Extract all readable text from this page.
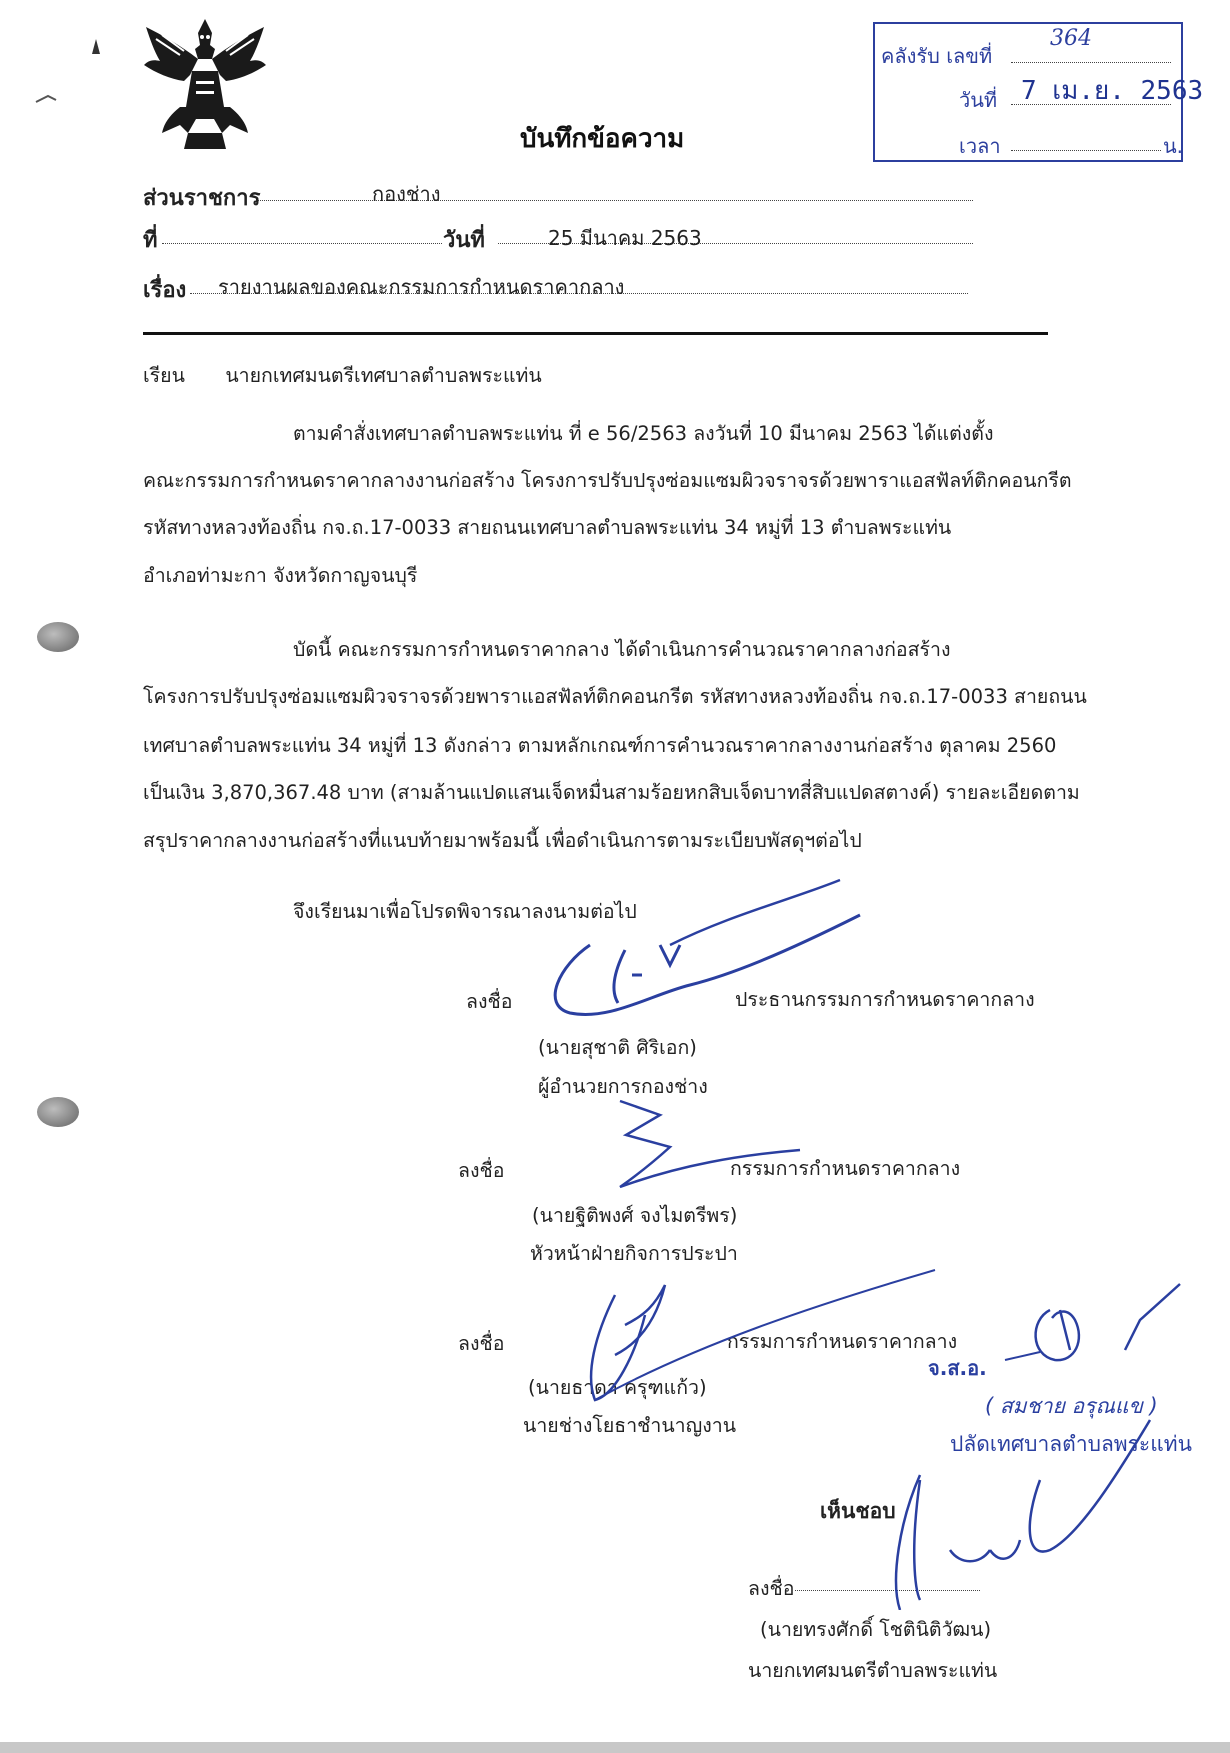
บันทึกข้อความ
คลังรับ เลขที่
364
วันที่ 7 เม.ย. 2563
เวลา	น.
ส่วนราชการ	กองช่าง
ที่	วันที่	25 มีนาคม 2563
เรื่อง รายงานผลของคณะกรรมการกำหนดราคากลาง
เรียน นายกเทศมนตรีเทศบาลตำบลพระแท่น
ตามคำสั่งเทศบาลตำบลพระแท่น ที่ e 56/2563 ลงวันที่ 10 มีนาคม 2563 ได้แต่งตั้ง
คณะกรรมการกำหนดราคากลางงานก่อสร้าง โครงการปรับปรุงซ่อมแซมผิวจราจรด้วยพาราแอสฟัลท์ติกคอนกรีต
รหัสทางหลวงท้องถิ่น กจ.ถ.17-0033 สายถนนเทศบาลตำบลพระแท่น 34 หมู่ที่ 13 ตำบลพระแท่น
อำเภอท่ามะกา จังหวัดกาญจนบุรี
บัดนี้ คณะกรรมการกำหนดราคากลาง ได้ดำเนินการคำนวณราคากลางก่อสร้าง
โครงการปรับปรุงซ่อมแซมผิวจราจรด้วยพาราแอสฟัลท์ติกคอนกรีต รหัสทางหลวงท้องถิ่น กจ.ถ.17-0033 สายถนน
เทศบาลตำบลพระแท่น 34 หมู่ที่ 13 ดังกล่าว ตามหลักเกณฑ์การคำนวณราคากลางงานก่อสร้าง ตุลาคม 2560
เป็นเงิน 3,870,367.48 บาท (สามล้านแปดแสนเจ็ดหมื่นสามร้อยหกสิบเจ็ดบาทสี่สิบแปดสตางค์) รายละเอียดตาม
สรุปราคากลางงานก่อสร้างที่แนบท้ายมาพร้อมนี้ เพื่อดำเนินการตามระเบียบพัสดุฯต่อไป
จึงเรียนมาเพื่อโปรดพิจารณาลงนามต่อไป
ลงชื่อ	ประธานกรรมการกำหนดราคากลาง
(นายสุชาติ ศิริเอก)
ผู้อำนวยการกองช่าง
ลงชื่อ	กรรมการกำหนดราคากลาง
(นายฐิติพงศ์ จงไมตรีพร)
หัวหน้าฝ่ายกิจการประปา
ลงชื่อ	กรรมการกำหนดราคากลาง
(นายธาดา ครุฑแก้ว)
นายช่างโยธาชำนาญงาน
จ.ส.อ.
( สมชาย อรุณแข )
ปลัดเทศบาลตำบลพระแท่น
เห็นชอบ
ลงชื่อ
(นายทรงศักดิ์ โชตินิติวัฒน)
นายกเทศมนตรีตำบลพระแท่น
